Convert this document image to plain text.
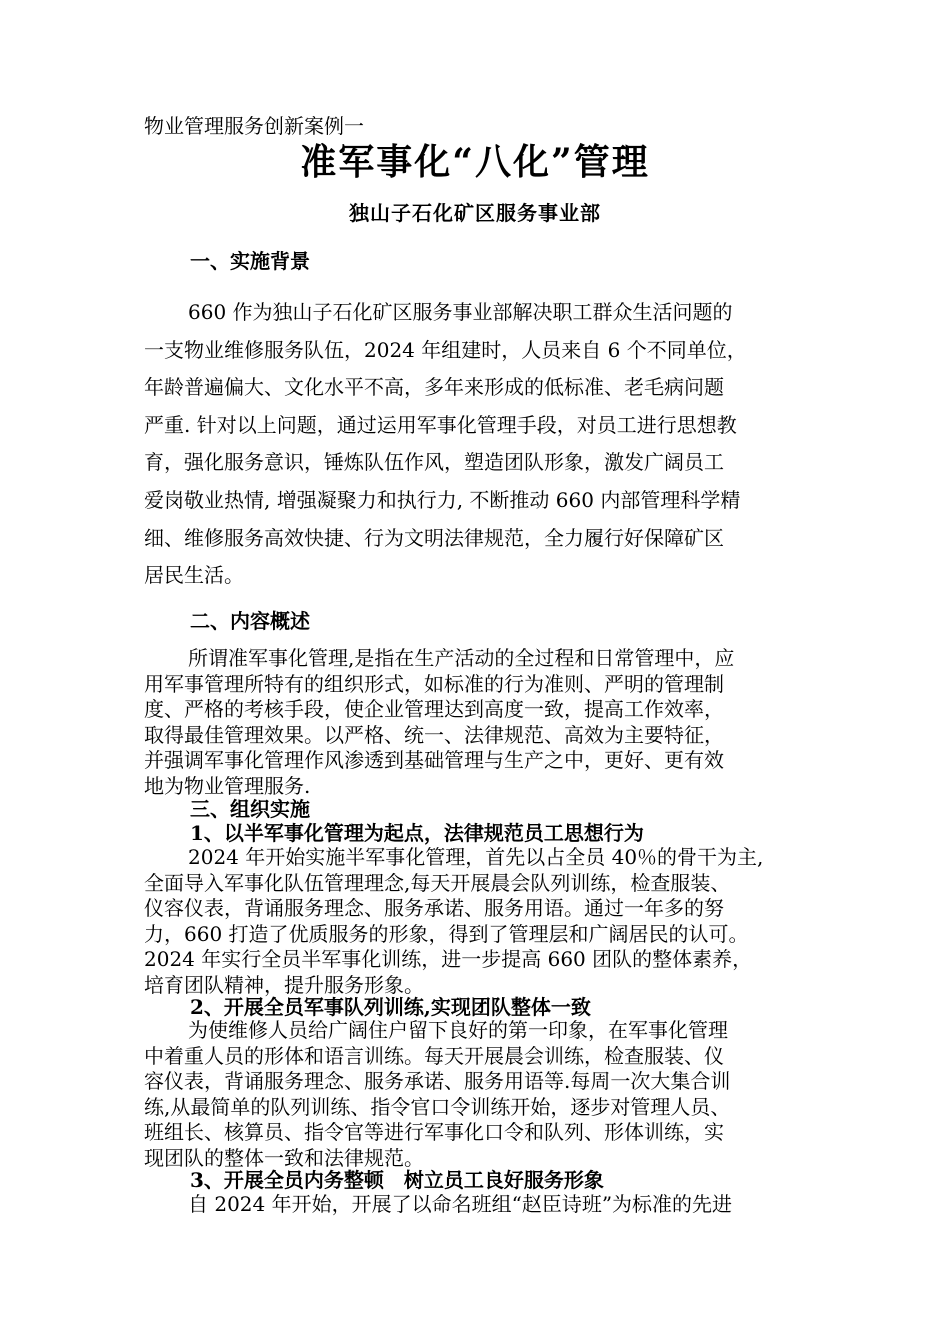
物业管理服务创新案例一
准军事化“八化”管理
独山子石化矿区服务事业部
一、实施背景
660 作为独山子石化矿区服务事业部解决职工群众生活问题的
一支物业维修服务队伍，2024 年组建时，人员来自 6 个不同单位，
年龄普遍偏大、文化水平不高，多年来形成的低标准、老毛病问题
严重. 针对以上问题，通过运用军事化管理手段，对员工进行思想教
育，强化服务意识，锤炼队伍作风，塑造团队形象，激发广阔员工
爱岗敬业热情, 增强凝聚力和执行力, 不断推动 660 内部管理科学精
细、维修服务高效快捷、行为文明法律规范，全力履行好保障矿区
居民生活。
二、内容概述
所谓准军事化管理,是指在生产活动的全过程和日常管理中，应
用军事管理所特有的组织形式，如标准的行为准则、严明的管理制
度、严格的考核手段，使企业管理达到高度一致，提高工作效率，
取得最佳管理效果。以严格、统一、法律规范、高效为主要特征，
并强调军事化管理作风渗透到基础管理与生产之中，更好、更有效
地为物业管理服务.
三、组织实施
1、以半军事化管理为起点，法律规范员工思想行为
2024 年开始实施半军事化管理，首先以占全员 40％的骨干为主,
全面导入军事化队伍管理理念,每天开展晨会队列训练，检查服装、
仪容仪表，背诵服务理念、服务承诺、服务用语。通过一年多的努
力，660 打造了优质服务的形象，得到了管理层和广阔居民的认可。
2024 年实行全员半军事化训练，进一步提高 660 团队的整体素养，
培育团队精神，提升服务形象。
2、开展全员军事队列训练,实现团队整体一致
为使维修人员给广阔住户留下良好的第一印象，在军事化管理
中着重人员的形体和语言训练。每天开展晨会训练，检查服装、仪
容仪表，背诵服务理念、服务承诺、服务用语等.每周一次大集合训
练,从最简单的队列训练、指令官口令训练开始，逐步对管理人员、
班组长、核算员、指令官等进行军事化口令和队列、形体训练，实
现团队的整体一致和法律规范。
3、开展全员内务整顿　树立员工良好服务形象
自 2024 年开始，开展了以命名班组“赵臣诗班”为标准的先进
